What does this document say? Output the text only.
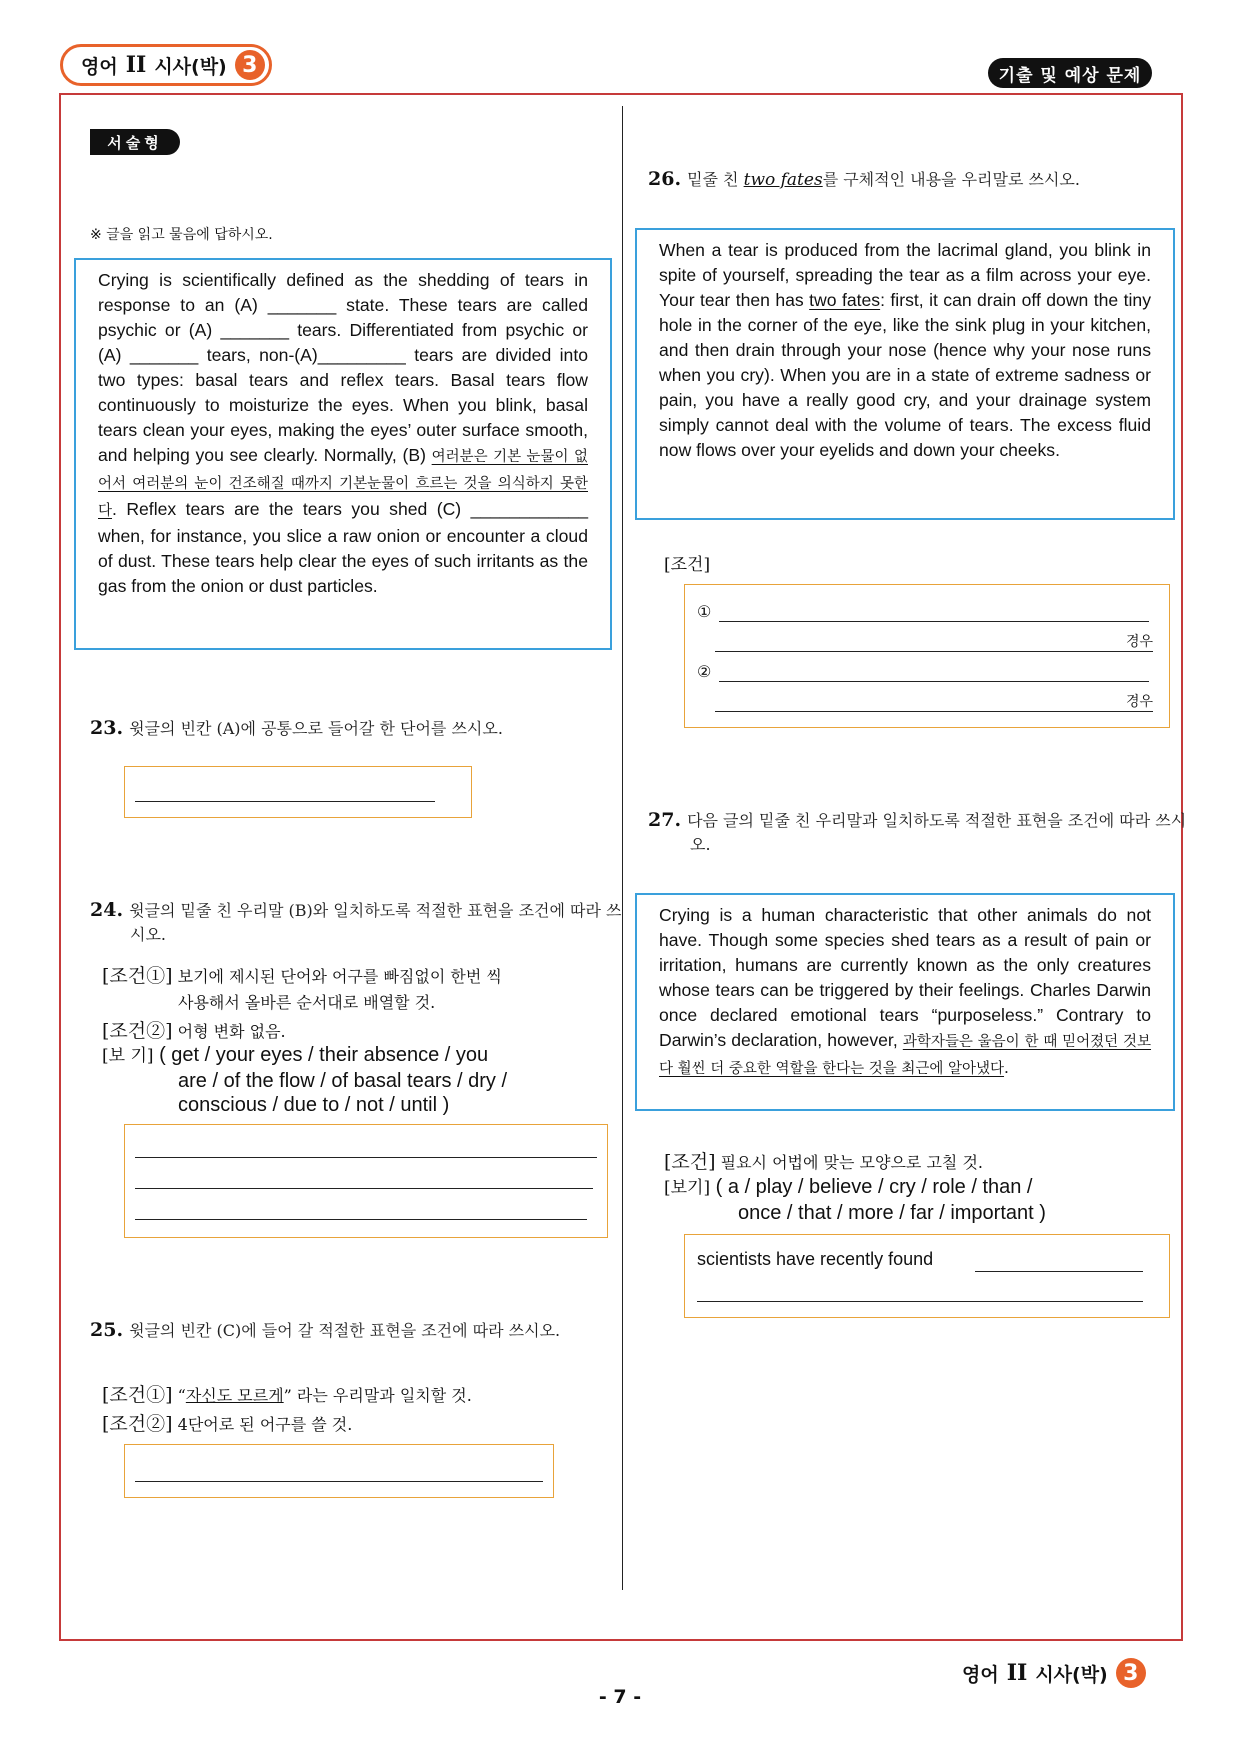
영어 II 시사(박) 3	기출 및 예상 문제
서술형
※ 글을 읽고 물음에 답하시오.
Crying is scientifically defined as the shedding of tears in response to an (A) _______ state. These tears are called psychic or (A) _______ tears. Differentiated from psychic or (A) _______ tears, non-(A)_________ tears are divided into two types: basal tears and reflex tears. Basal tears flow continuously to moisturize the eyes. When you blink, basal tears clean your eyes, making the eyes’ outer surface smooth, and helping you see clearly. Normally, (B) 여러분은 기본 눈물이 없어서 여러분의 눈이 건조해질 때까지 기본눈물이 흐르는 것을 의식하지 못한다. Reflex tears are the tears you shed (C) ____________ when, for instance, you slice a raw onion or encounter a cloud of dust. These tears help clear the eyes of such irritants as the gas from the onion or dust particles.
23. 윗글의 빈칸 (A)에 공통으로 들어갈 한 단어를 쓰시오.
24. 윗글의 밑줄 친 우리말 (B)와 일치하도록 적절한 표현을 조건에 따라 쓰시오.
[조건①] 보기에 제시된 단어와 어구를 빠짐없이 한번 씩
사용해서 올바른 순서대로 배열할 것.
[조건②] 어형 변화 없음.
[보 기] ( get / your eyes / their absence / you
are / of the flow / of basal tears / dry /
conscious / due to / not / until )
25. 윗글의 빈칸 (C)에 들어 갈 적절한 표현을 조건에 따라 쓰시오.
[조건①] “자신도 모르게” 라는 우리말과 일치할 것.
[조건②] 4단어로 된 어구를 쓸 것.
26. 밑줄 친 two fates를 구체적인 내용을 우리말로 쓰시오.
When a tear is produced from the lacrimal gland, you blink in spite of yourself, spreading the tear as a film across your eye. Your tear then has two fates: first, it can drain off down the tiny hole in the corner of the eye, like the sink plug in your kitchen, and then drain through your nose (hence why your nose runs when you cry). When you are in a state of extreme sadness or pain, you have a really good cry, and your drainage system simply cannot deal with the volume of tears. The excess fluid now flows over your eyelids and down your cheeks.
[조건]
①
경우
②
경우
27. 다음 글의 밑줄 친 우리말과 일치하도록 적절한 표현을 조건에 따라 쓰시오.
Crying is a human characteristic that other animals do not have. Though some species shed tears as a result of pain or irritation, humans are currently known as the only creatures whose tears can be triggered by their feelings. Charles Darwin once declared emotional tears “purposeless.” Contrary to Darwin’s declaration, however, 과학자들은 울음이 한 때 믿어졌던 것보다 훨씬 더 중요한 역할을 한다는 것을 최근에 알아냈다.
[조건] 필요시 어법에 맞는 모양으로 고칠 것.
[보기] ( a / play / believe / cry / role / than /
once / that / more / far / important )
scientists have recently found
영어 II 시사(박) 3
- 7 -
